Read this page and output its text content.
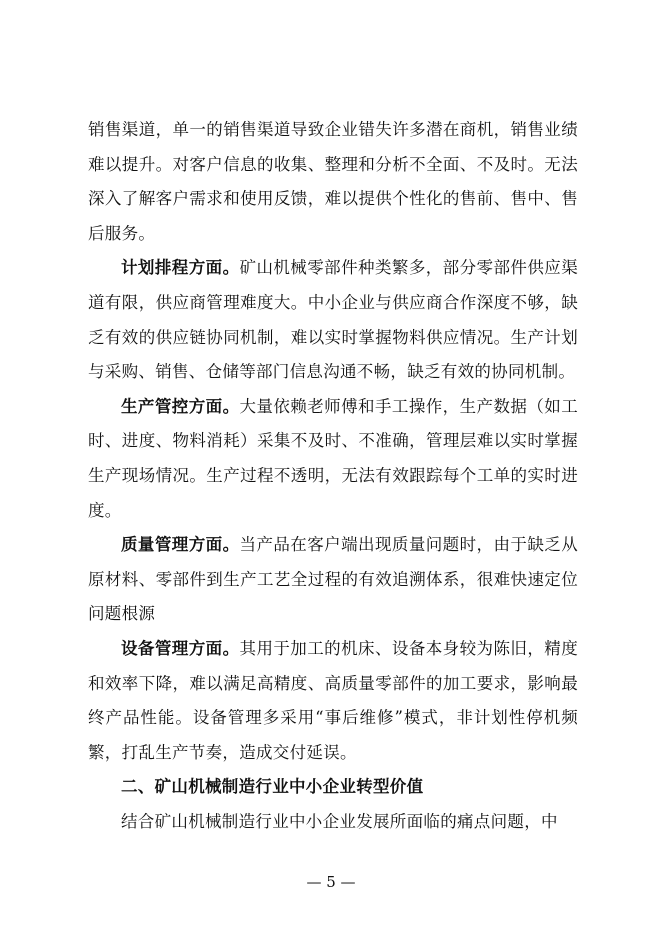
销售渠道，单一的销售渠道导致企业错失许多潜在商机，销售业绩难以提升。对客户信息的收集、整理和分析不全面、不及时。无法深入了解客户需求和使用反馈，难以提供个性化的售前、售中、售后服务。

计划排程方面。矿山机械零部件种类繁多，部分零部件供应渠道有限，供应商管理难度大。中小企业与供应商合作深度不够，缺乏有效的供应链协同机制，难以实时掌握物料供应情况。生产计划与采购、销售、仓储等部门信息沟通不畅，缺乏有效的协同机制。

生产管控方面。大量依赖老师傅和手工操作，生产数据（如工时、进度、物料消耗）采集不及时、不准确，管理层难以实时掌握生产现场情况。生产过程不透明，无法有效跟踪每个工单的实时进度。

质量管理方面。当产品在客户端出现质量问题时，由于缺乏从原材料、零部件到生产工艺全过程的有效追溯体系，很难快速定位问题根源

设备管理方面。其用于加工的机床、设备本身较为陈旧，精度和效率下降，难以满足高精度、高质量零部件的加工要求，影响最终产品性能。设备管理多采用“事后维修”模式，非计划性停机频繁，打乱生产节奏，造成交付延误。

二、矿山机械制造行业中小企业转型价值

结合矿山机械制造行业中小企业发展所面临的痛点问题，中

— 5 —
